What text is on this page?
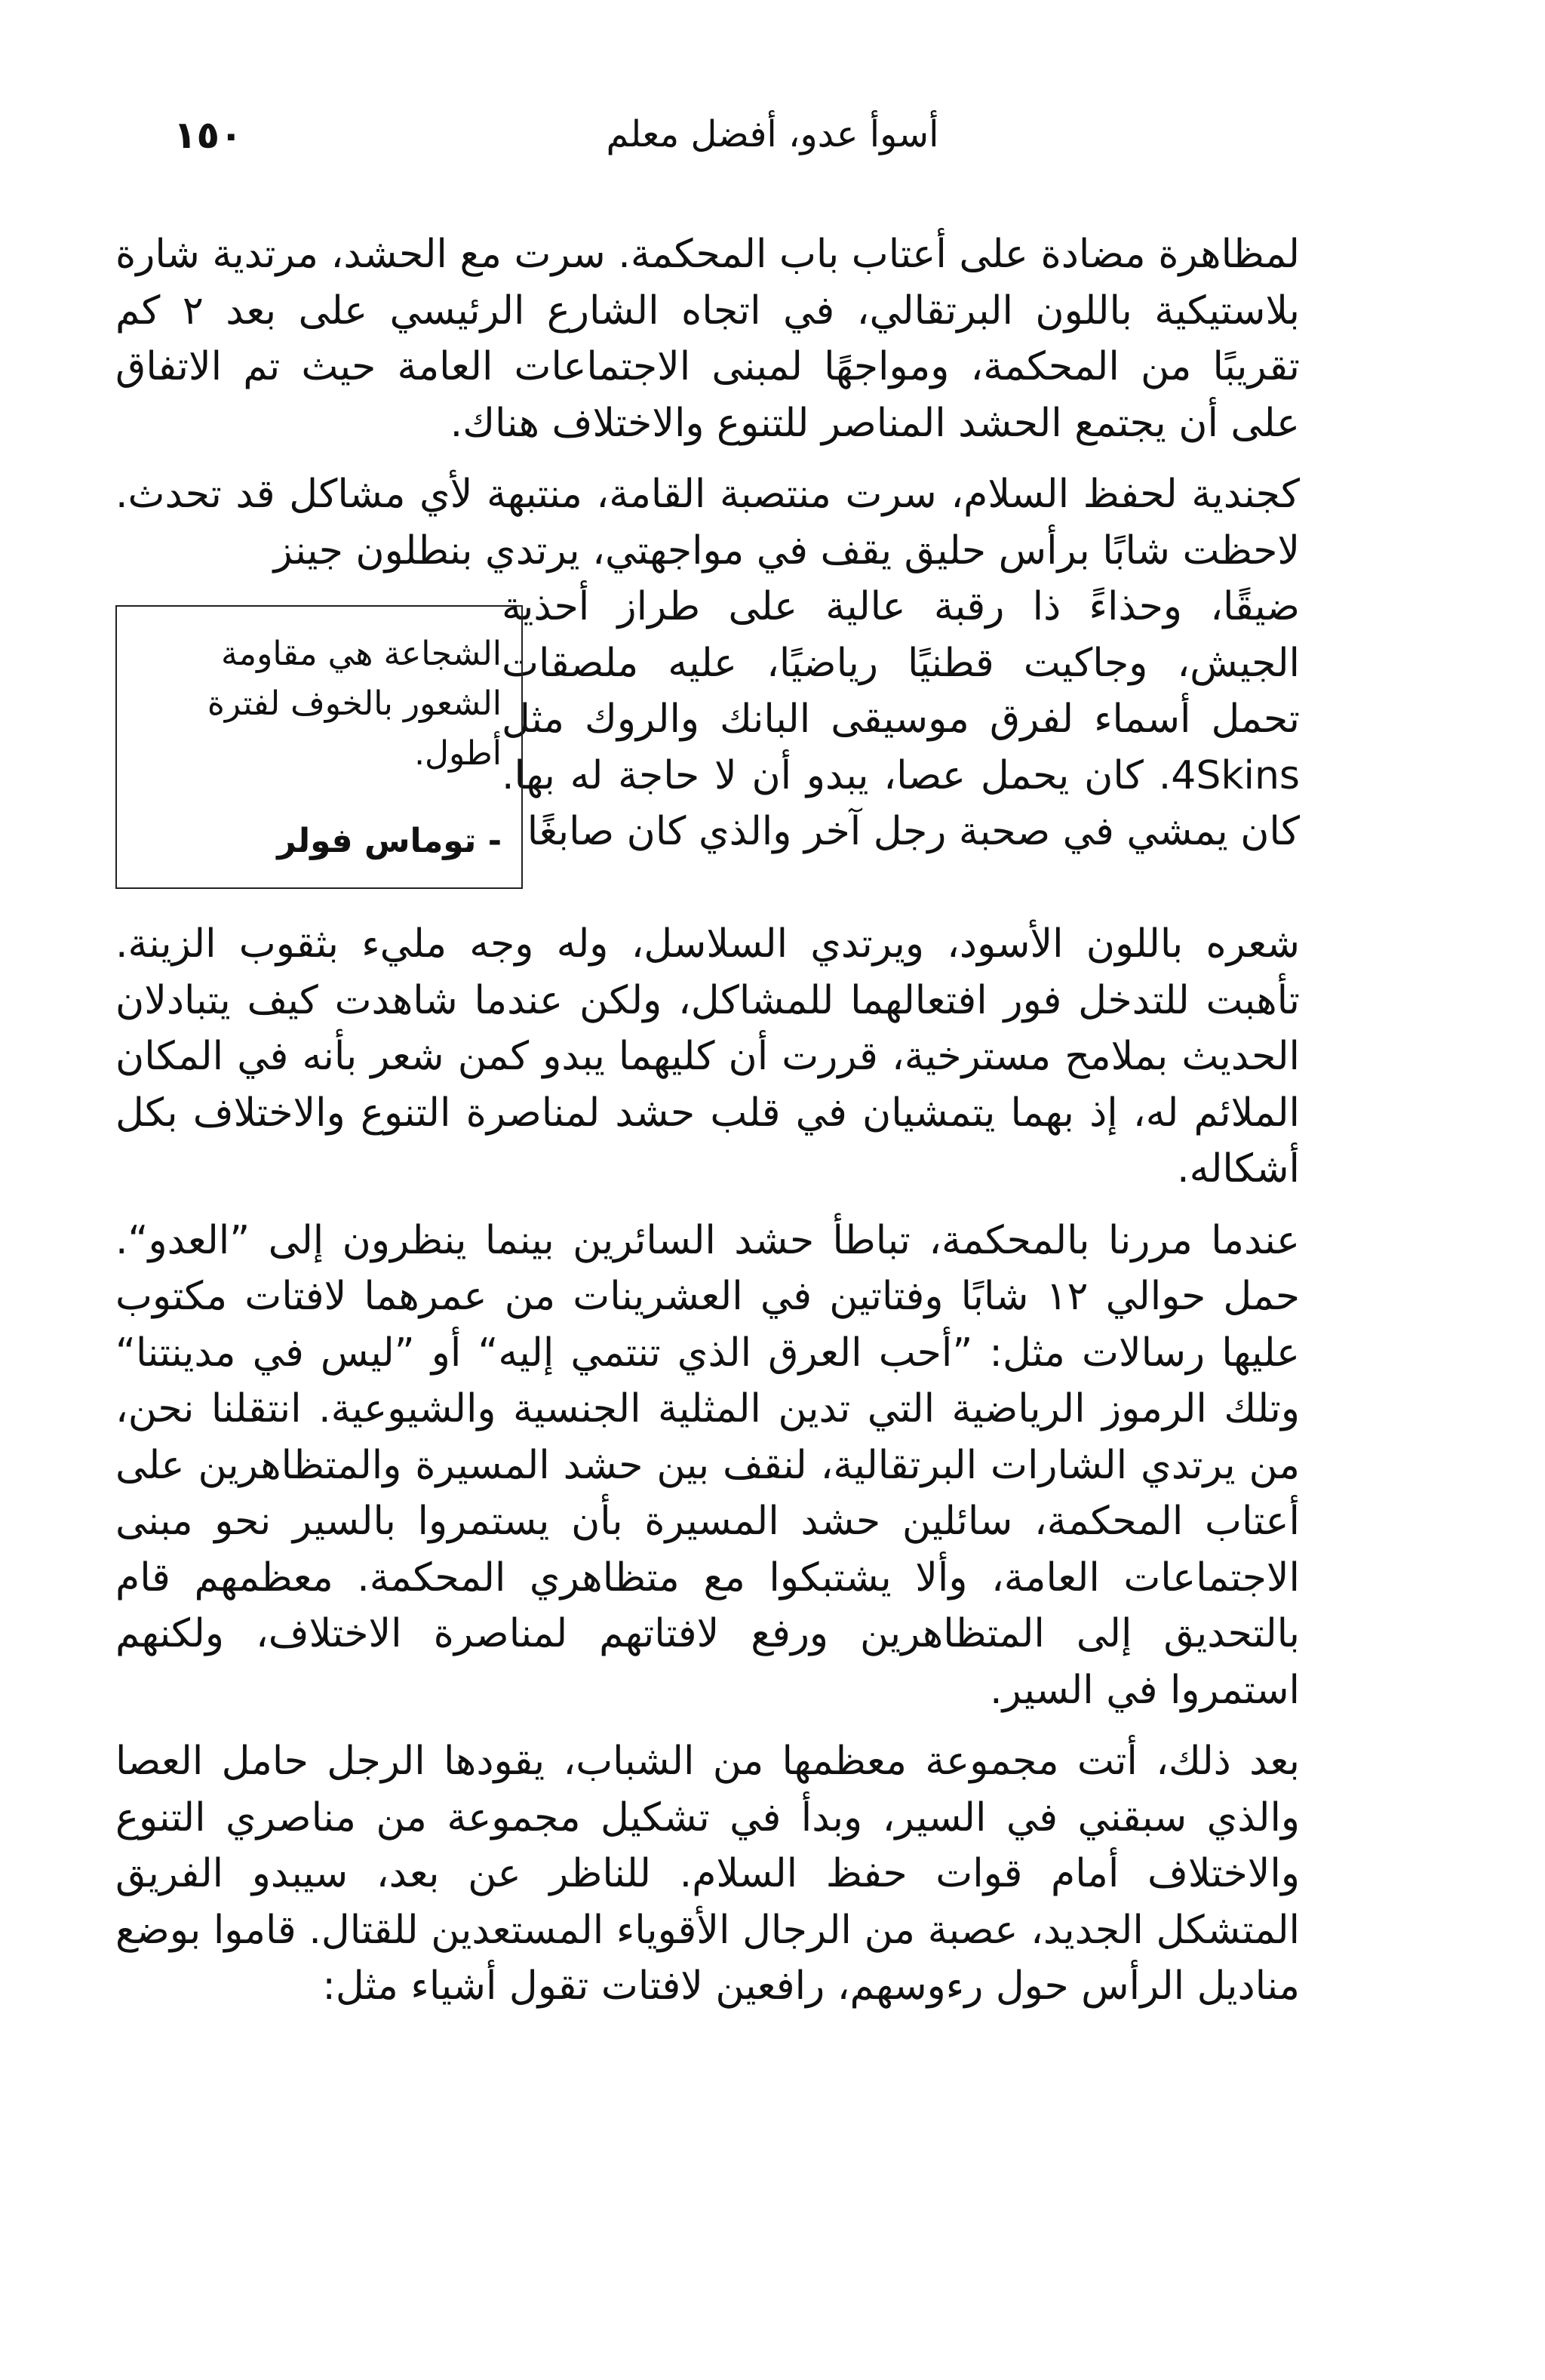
١٥٠	أسوأ عدو، أفضل معلم

لمظاهرة مضادة على أعتاب باب المحكمة. سرت مع الحشد، مرتدية شارة بلاستيكية باللون البرتقالي، في اتجاه الشارع الرئيسي على بعد ٢ كم تقريبًا من المحكمة، ومواجهًا لمبنى الاجتماعات العامة حيث تم الاتفاق على أن يجتمع الحشد المناصر للتنوع والاختلاف هناك.

كجندية لحفظ السلام، سرت منتصبة القامة، منتبهة لأي مشاكل قد تحدث. لاحظت شابًا برأس حليق يقف في مواجهتي، يرتدي بنطلون جينز

ضيقًا، وحذاءً ذا رقبة عالية على طراز أحذية الجيش، وجاكيت قطنيًا رياضيًا، عليه ملصقات تحمل أسماء لفرق موسيقى البانك والروك مثل 4Skins. كان يحمل عصا، يبدو أن لا حاجة له بها. كان يمشي في صحبة رجل آخر والذي كان صابغًا
الشجاعة هي مقاومة الشعور بالخوف لفترة أطول.
- توماس فولر

شعره باللون الأسود، ويرتدي السلاسل، وله وجه مليء بثقوب الزينة. تأهبت للتدخل فور افتعالهما للمشاكل، ولكن عندما شاهدت كيف يتبادلان الحديث بملامح مسترخية، قررت أن كليهما يبدو كمن شعر بأنه في المكان الملائم له، إذ بهما يتمشيان في قلب حشد لمناصرة التنوع والاختلاف بكل أشكاله.

عندما مررنا بالمحكمة، تباطأ حشد السائرين بينما ينظرون إلى ”العدو“. حمل حوالي ١٢ شابًا وفتاتين في العشرينات من عمرهما لافتات مكتوب عليها رسالات مثل: ”أحب العرق الذي تنتمي إليه“ أو ”ليس في مدينتنا“ وتلك الرموز الرياضية التي تدين المثلية الجنسية والشيوعية. انتقلنا نحن، من يرتدي الشارات البرتقالية، لنقف بين حشد المسيرة والمتظاهرين على أعتاب المحكمة، سائلين حشد المسيرة بأن يستمروا بالسير نحو مبنى الاجتماعات العامة، وألا يشتبكوا مع متظاهري المحكمة. معظمهم قام بالتحديق إلى المتظاهرين ورفع لافتاتهم لمناصرة الاختلاف، ولكنهم استمروا في السير.

بعد ذلك، أتت مجموعة معظمها من الشباب، يقودها الرجل حامل العصا والذي سبقني في السير، وبدأ في تشكيل مجموعة من مناصري التنوع والاختلاف أمام قوات حفظ السلام. للناظر عن بعد، سيبدو الفريق المتشكل الجديد، عصبة من الرجال الأقوياء المستعدين للقتال. قاموا بوضع مناديل الرأس حول رءوسهم، رافعين لافتات تقول أشياء مثل:
